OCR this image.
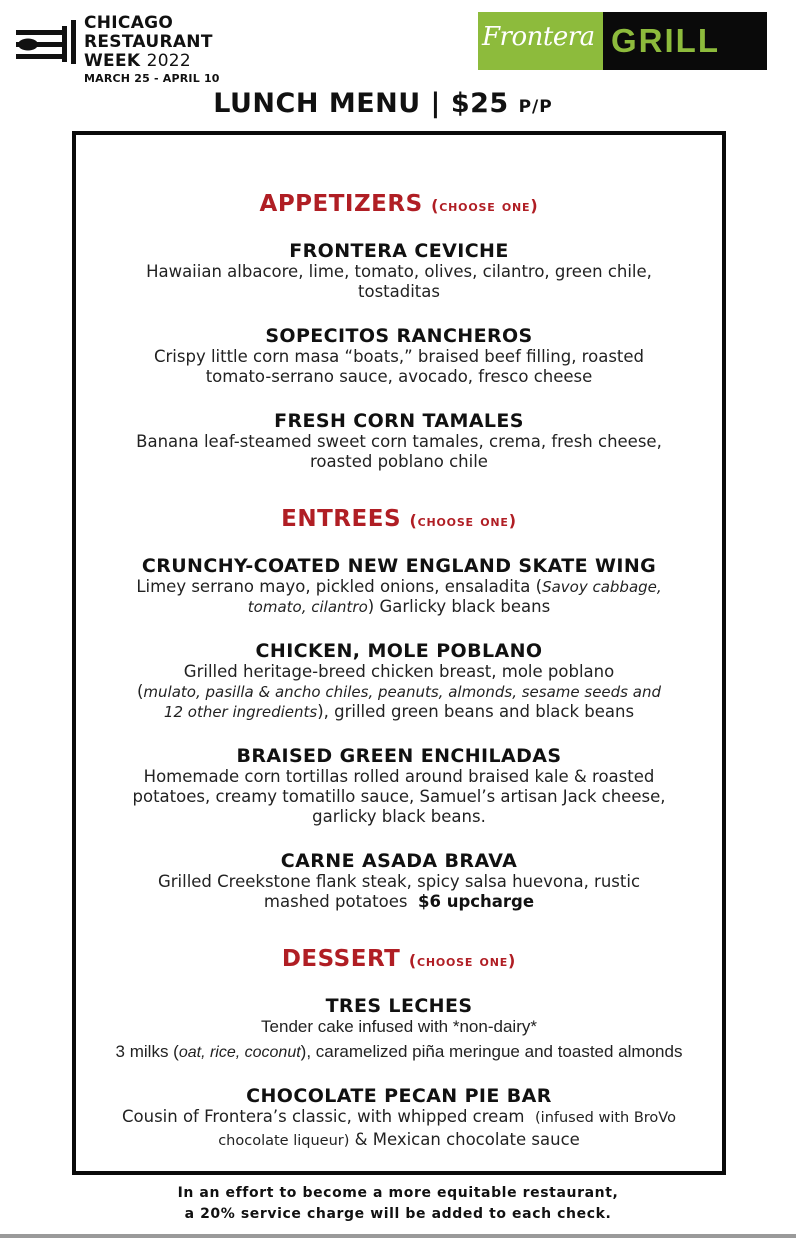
CHICAGO
RESTAURANT
WEEK 2022
MARCH 25 - APRIL 10
Frontera GRILL
LUNCH MENU | $25 P/P
APPETIZERS (choose one)
FRONTERA CEVICHE
Hawaiian albacore, lime, tomato, olives, cilantro, green chile,
tostaditas
SOPECITOS RANCHEROS
Crispy little corn masa “boats,” braised beef filling, roasted
tomato-serrano sauce, avocado, fresco cheese
FRESH CORN TAMALES
Banana leaf-steamed sweet corn tamales, crema, fresh cheese,
roasted poblano chile
ENTREES (choose one)
CRUNCHY-COATED NEW ENGLAND SKATE WING
Limey serrano mayo, pickled onions, ensaladita (Savoy cabbage,
tomato, cilantro) Garlicky black beans
CHICKEN, MOLE POBLANO
Grilled heritage-breed chicken breast, mole poblano
(mulato, pasilla & ancho chiles, peanuts, almonds, sesame seeds and
12 other ingredients), grilled green beans and black beans
BRAISED GREEN ENCHILADAS
Homemade corn tortillas rolled around braised kale & roasted
potatoes, creamy tomatillo sauce, Samuel’s artisan Jack cheese,
garlicky black beans.
CARNE ASADA BRAVA
Grilled Creekstone flank steak, spicy salsa huevona, rustic
mashed potatoes $6 upcharge
DESSERT (choose one)
TRES LECHES
Tender cake infused with *non-dairy*
3 milks (oat, rice, coconut), caramelized piña meringue and toasted almonds
CHOCOLATE PECAN PIE BAR
Cousin of Frontera’s classic, with whipped cream (infused with BroVo
chocolate liqueur) & Mexican chocolate sauce
In an effort to become a more equitable restaurant,
a 20% service charge will be added to each check.
